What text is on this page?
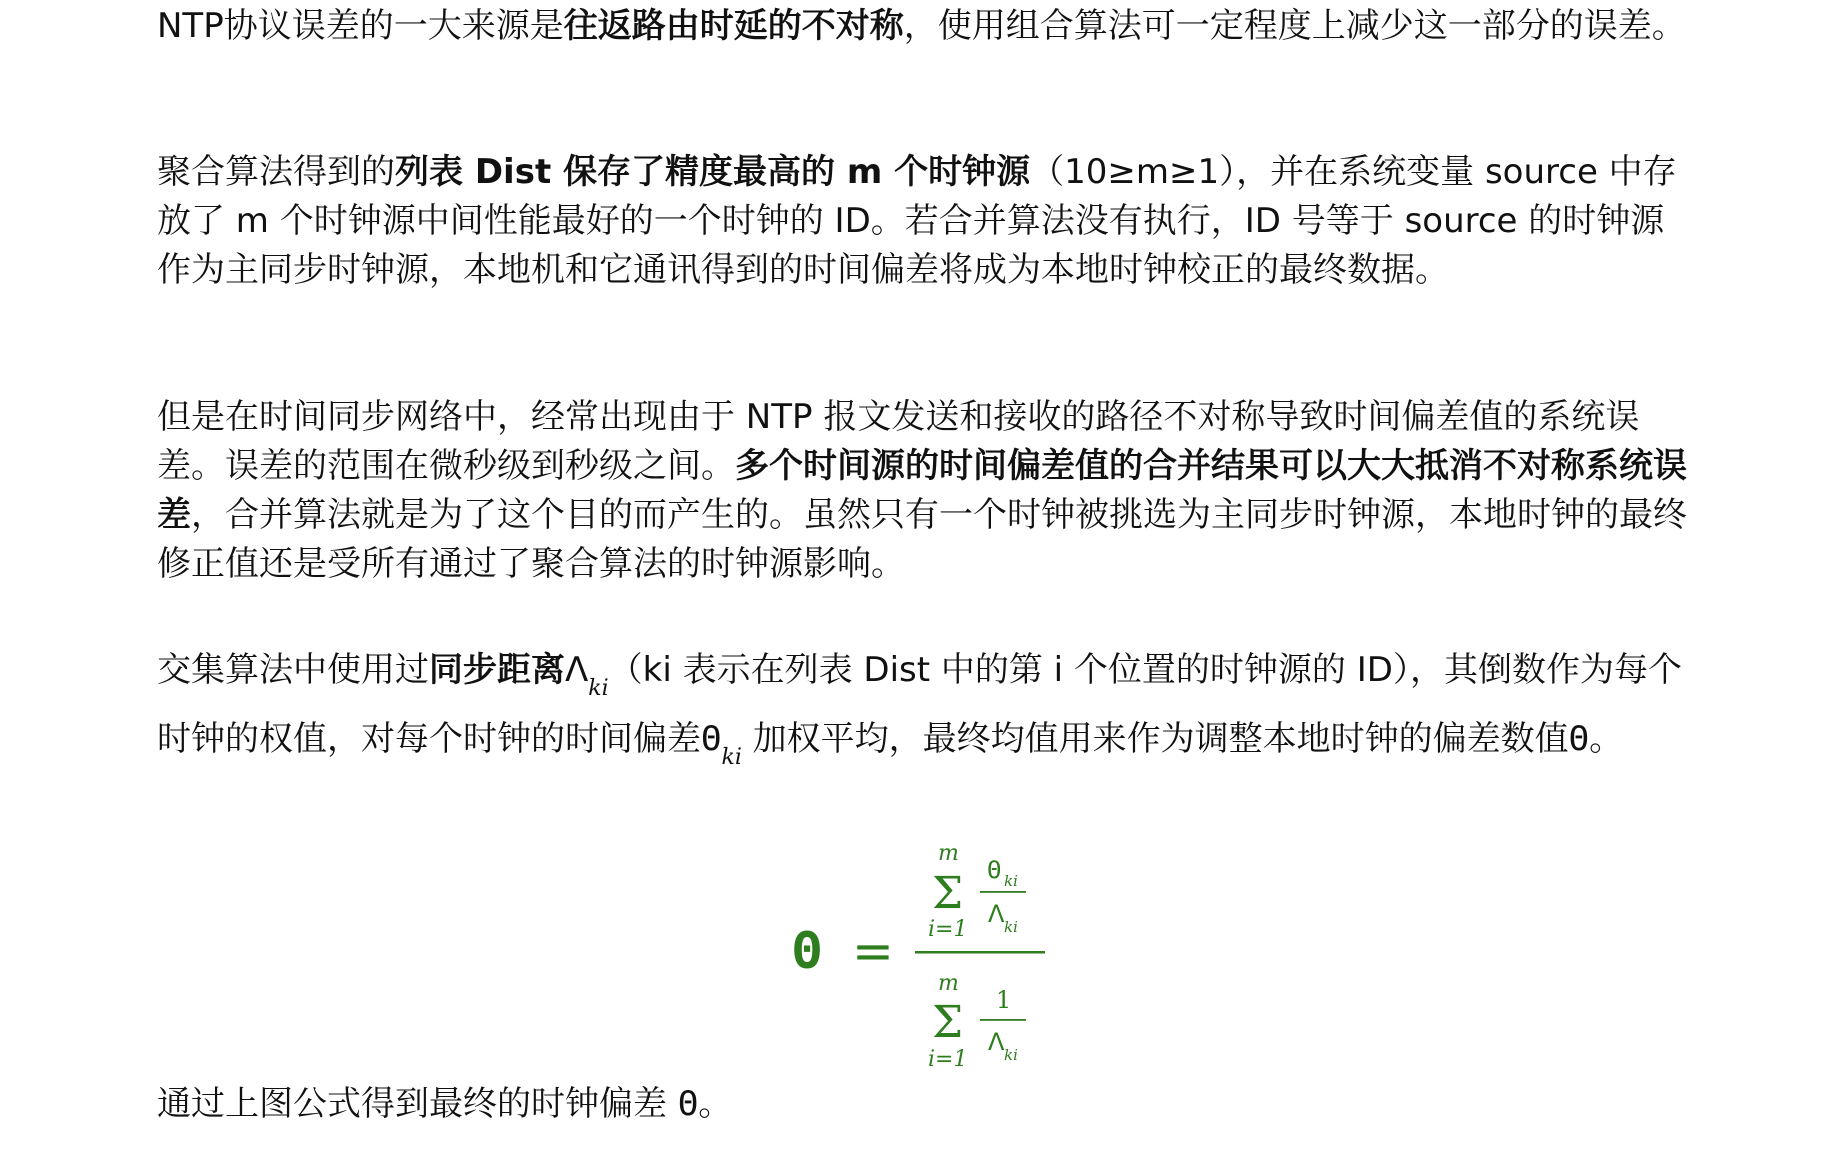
NTP协议误差的一大来源是往返路由时延的不对称，使用组合算法可一定程度上减少这一部分的误差。

聚合算法得到的列表 Dist 保存了精度最高的 m 个时钟源（10≥m≥1），并在系统变量 source 中存放了 m 个时钟源中间性能最好的一个时钟的 ID。若合并算法没有执行，ID 号等于 source 的时钟源作为主同步时钟源，本地机和它通讯得到的时间偏差将成为本地时钟校正的最终数据。

但是在时间同步网络中，经常出现由于 NTP 报文发送和接收的路径不对称导致时间偏差值的系统误差。误差的范围在微秒级到秒级之间。多个时间源的时间偏差值的合并结果可以大大抵消不对称系统误差，合并算法就是为了这个目的而产生的。虽然只有一个时钟被挑选为主同步时钟源，本地时钟的最终修正值还是受所有通过了聚合算法的时钟源影响。

交集算法中使用过同步距离$\Lambda_{ki}(ki$ 表示在列表 Dist 中的第 i 个位置的时钟源的 ID），其倒数作为每个时钟的权值，对每个时钟的时间偏差$\Theta_{ki}$ 加权平均，最终均值用来作为调整本地时钟的偏差数值Θ。

通过上图公式得到最终的时钟偏差 Θ。

Θ =
m
Σ
i=1
Θ ki
Λ ki
m
Σ
i=1
1
Λ ki
